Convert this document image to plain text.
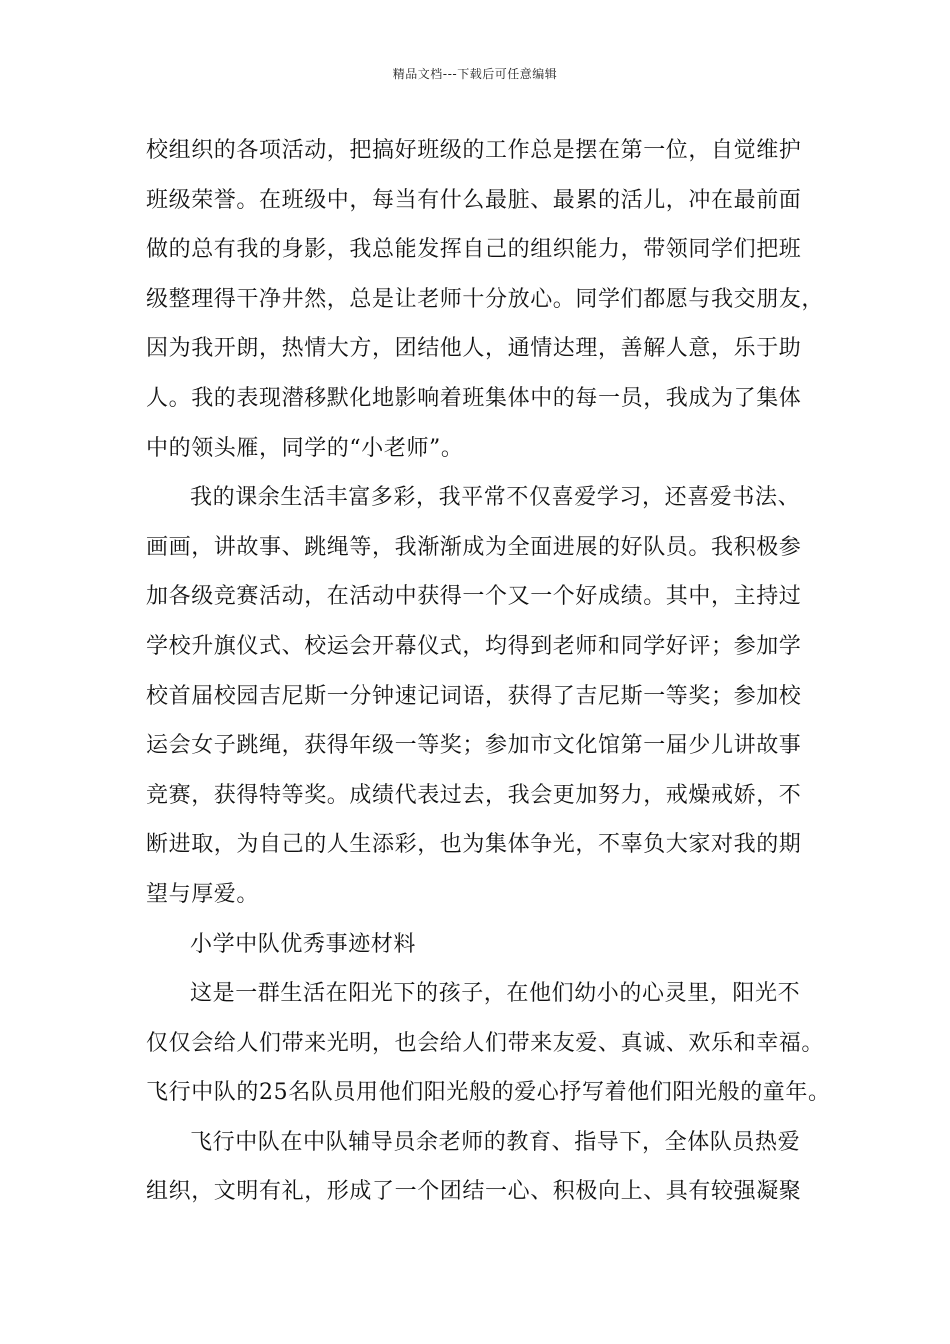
精品文档---下载后可任意编辑
校组织的各项活动，把搞好班级的工作总是摆在第一位，自觉维护
班级荣誉。在班级中，每当有什么最脏、最累的活儿，冲在最前面
做的总有我的身影，我总能发挥自己的组织能力，带领同学们把班
级整理得干净井然，总是让老师十分放心。同学们都愿与我交朋友，
因为我开朗，热情大方，团结他人，通情达理，善解人意，乐于助
人。我的表现潜移默化地影响着班集体中的每一员，我成为了集体
中的领头雁，同学的“小老师”。
我的课余生活丰富多彩，我平常不仅喜爱学习，还喜爱书法、
画画，讲故事、跳绳等，我渐渐成为全面进展的好队员。我积极参
加各级竞赛活动，在活动中获得一个又一个好成绩。其中，主持过
学校升旗仪式、校运会开幕仪式，均得到老师和同学好评；参加学
校首届校园吉尼斯一分钟速记词语，获得了吉尼斯一等奖；参加校
运会女子跳绳，获得年级一等奖；参加市文化馆第一届少儿讲故事
竞赛，获得特等奖。成绩代表过去，我会更加努力，戒燥戒娇，不
断进取，为自己的人生添彩，也为集体争光，不辜负大家对我的期
望与厚爱。
小学中队优秀事迹材料
这是一群生活在阳光下的孩子，在他们幼小的心灵里，阳光不
仅仅会给人们带来光明，也会给人们带来友爱、真诚、欢乐和幸福。
飞行中队的25名队员用他们阳光般的爱心抒写着他们阳光般的童年。
飞行中队在中队辅导员余老师的教育、指导下，全体队员热爱
组织，文明有礼，形成了一个团结一心、积极向上、具有较强凝聚
